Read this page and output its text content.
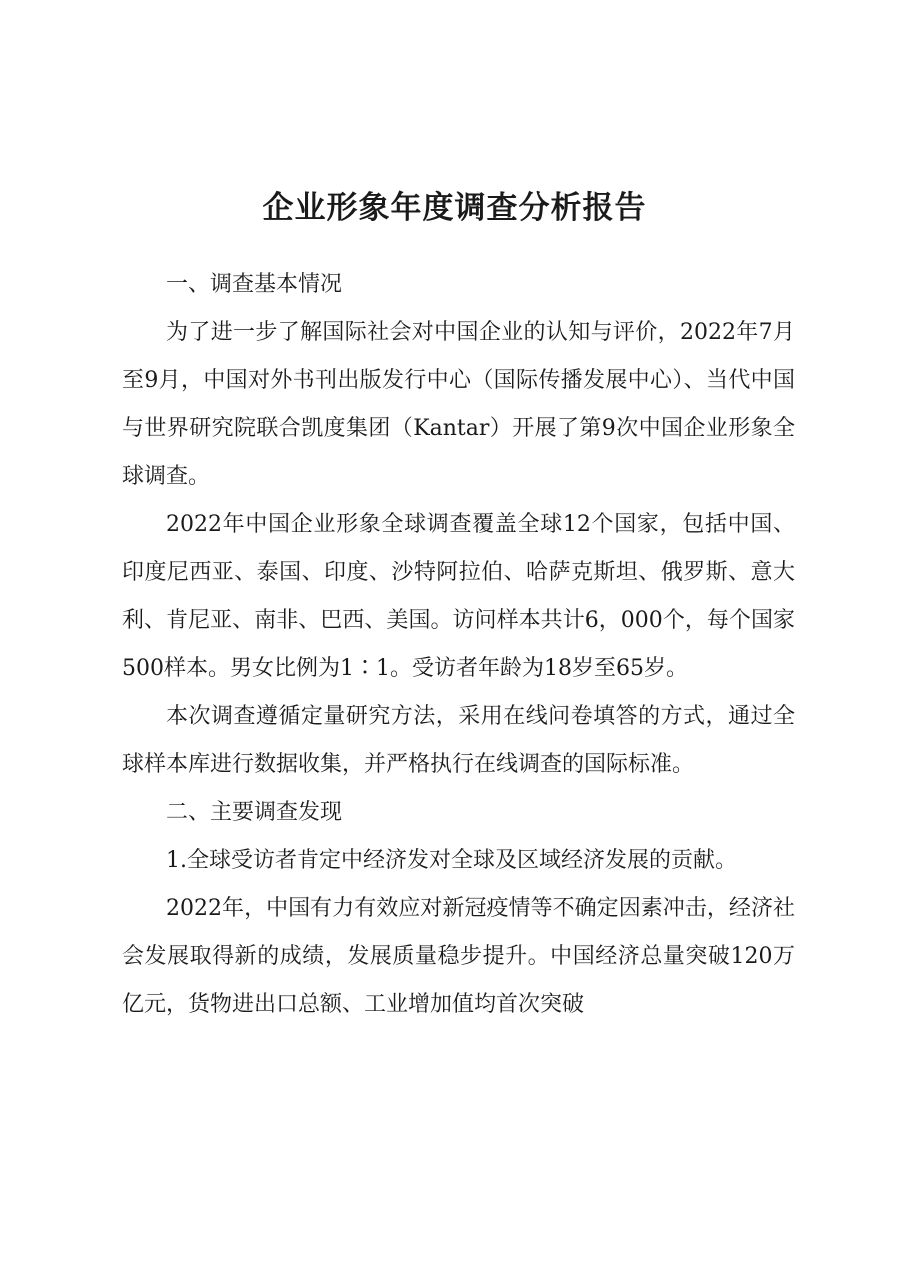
企业形象年度调查分析报告

一、调查基本情况

为了进一步了解国际社会对中国企业的认知与评价，2022年7月至9月，中国对外书刊出版发行中心（国际传播发展中心）、当代中国与世界研究院联合凯度集团（Kantar）开展了第9次中国企业形象全球调查。

2022年中国企业形象全球调查覆盖全球12个国家，包括中国、印度尼西亚、泰国、印度、沙特阿拉伯、哈萨克斯坦、俄罗斯、意大利、肯尼亚、南非、巴西、美国。访问样本共计6，000个，每个国家500样本。男女比例为1∶1。受访者年龄为18岁至65岁。

本次调查遵循定量研究方法，采用在线问卷填答的方式，通过全球样本库进行数据收集，并严格执行在线调查的国际标准。

二、主要调查发现

1.全球受访者肯定中经济发对全球及区域经济发展的贡献。

2022年，中国有力有效应对新冠疫情等不确定因素冲击，经济社会发展取得新的成绩，发展质量稳步提升。中国经济总量突破120万亿元，货物进出口总额、工业增加值均首次突破
